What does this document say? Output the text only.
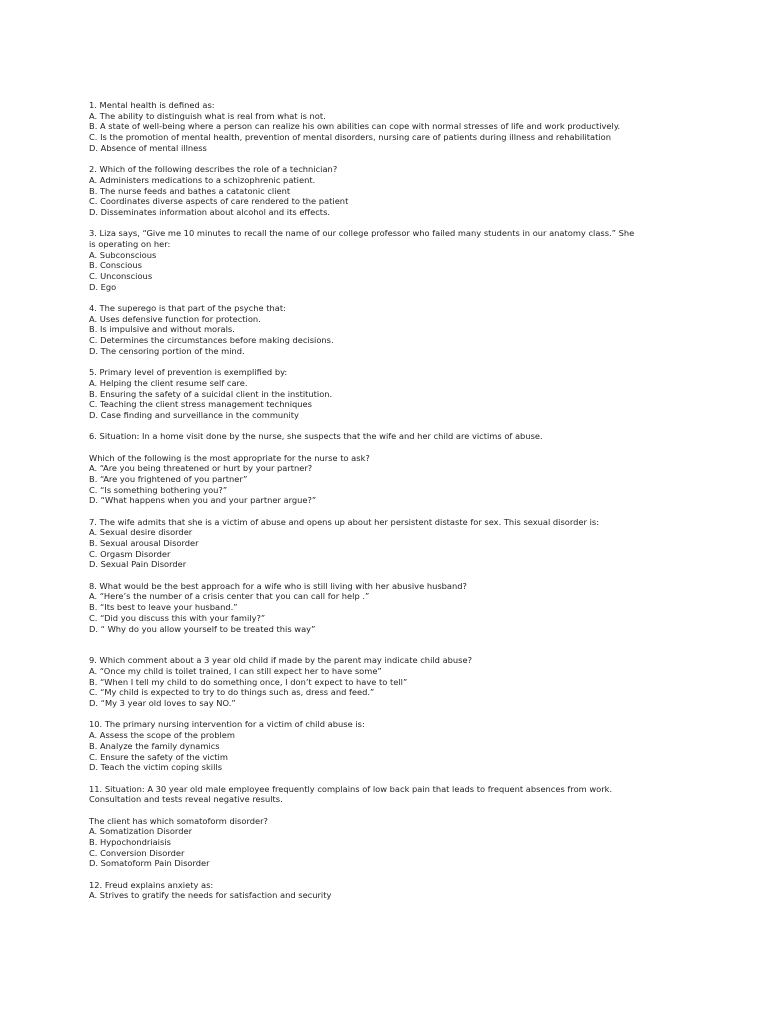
1. Mental health is defined as:
A. The ability to distinguish what is real from what is not.
B. A state of well-being where a person can realize his own abilities can cope with normal stresses of life and work productively.
C. Is the promotion of mental health, prevention of mental disorders, nursing care of patients during illness and rehabilitation
D. Absence of mental illness
2. Which of the following describes the role of a technician?
A. Administers medications to a schizophrenic patient.
B. The nurse feeds and bathes a catatonic client
C. Coordinates diverse aspects of care rendered to the patient
D. Disseminates information about alcohol and its effects.
3. Liza says, “Give me 10 minutes to recall the name of our college professor who failed many students in our anatomy class.” She
is operating on her:
A. Subconscious
B. Conscious
C. Unconscious
D. Ego
4. The superego is that part of the psyche that:
A. Uses defensive function for protection.
B. Is impulsive and without morals.
C. Determines the circumstances before making decisions.
D. The censoring portion of the mind.
5. Primary level of prevention is exemplified by:
A. Helping the client resume self care.
B. Ensuring the safety of a suicidal client in the institution.
C. Teaching the client stress management techniques
D. Case finding and surveillance in the community
6. Situation: In a home visit done by the nurse, she suspects that the wife and her child are victims of abuse.
Which of the following is the most appropriate for the nurse to ask?
A. “Are you being threatened or hurt by your partner?
B. “Are you frightened of you partner”
C. “Is something bothering you?”
D. “What happens when you and your partner argue?”
7. The wife admits that she is a victim of abuse and opens up about her persistent distaste for sex. This sexual disorder is:
A. Sexual desire disorder
B. Sexual arousal Disorder
C. Orgasm Disorder
D. Sexual Pain Disorder
8. What would be the best approach for a wife who is still living with her abusive husband?
A. “Here’s the number of a crisis center that you can call for help .”
B. “Its best to leave your husband.”
C. “Did you discuss this with your family?”
D. “ Why do you allow yourself to be treated this way”
9. Which comment about a 3 year old child if made by the parent may indicate child abuse?
A. “Once my child is toilet trained, I can still expect her to have some”
B. “When I tell my child to do something once, I don’t expect to have to tell”
C. “My child is expected to try to do things such as, dress and feed.”
D. “My 3 year old loves to say NO.”
10. The primary nursing intervention for a victim of child abuse is:
A. Assess the scope of the problem
B. Analyze the family dynamics
C. Ensure the safety of the victim
D. Teach the victim coping skills
11. Situation: A 30 year old male employee frequently complains of low back pain that leads to frequent absences from work.
Consultation and tests reveal negative results.
The client has which somatoform disorder?
A. Somatization Disorder
B. Hypochondriaisis
C. Conversion Disorder
D. Somatoform Pain Disorder
12. Freud explains anxiety as:
A. Strives to gratify the needs for satisfaction and security
